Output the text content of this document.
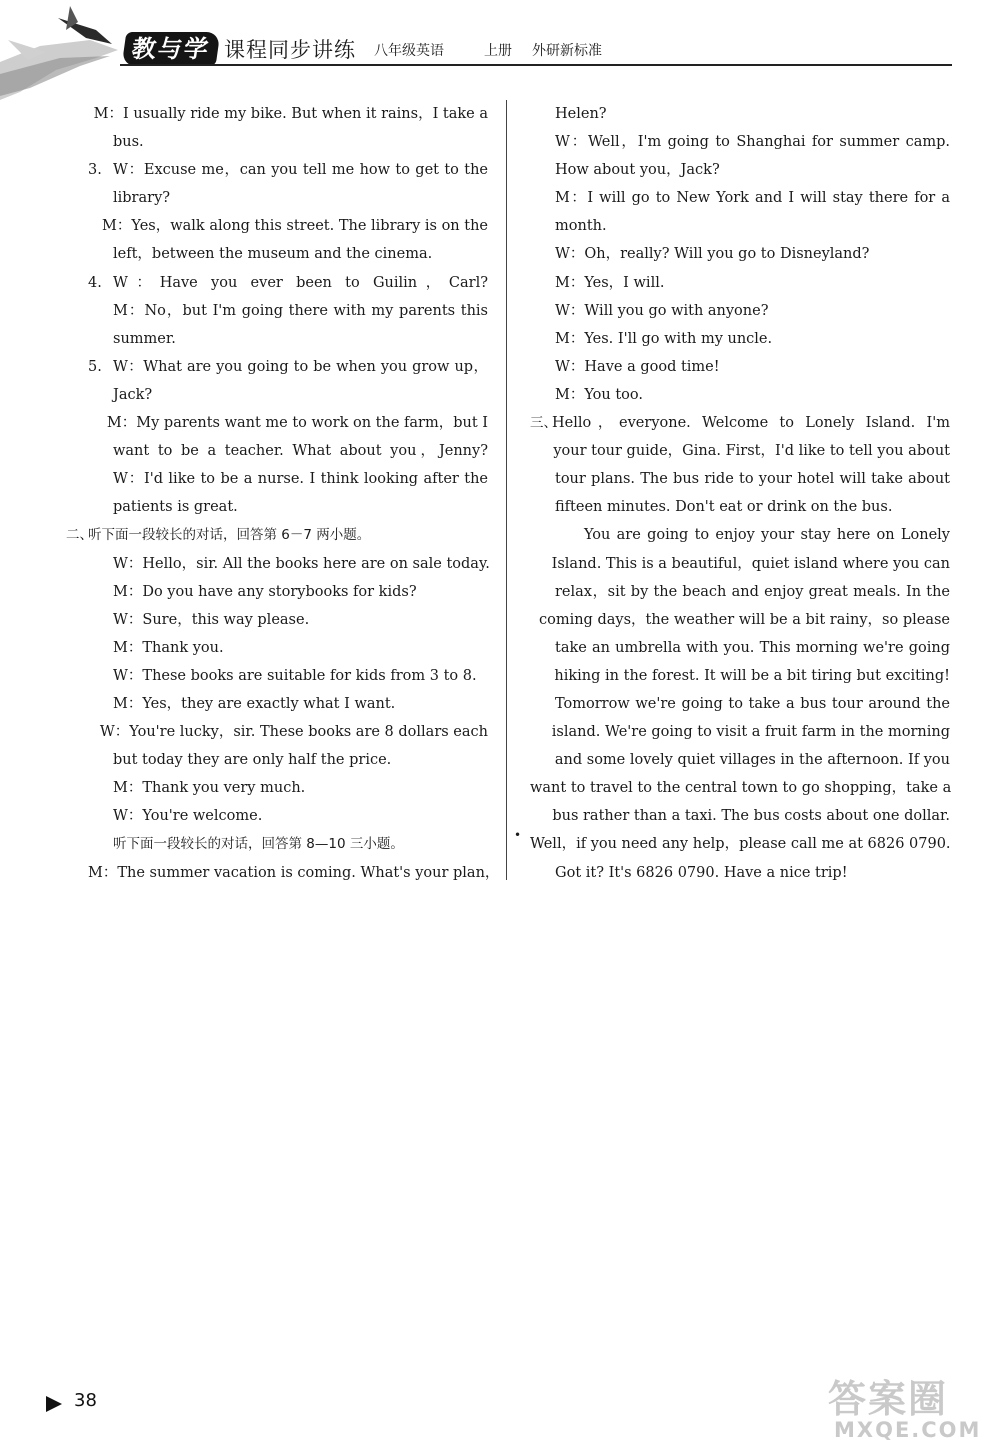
教与学 课程同步讲练 八年级英语	上册 外研新标准
M：I usually ride my bike. But when it rains，I take a
bus.
3. W：Excuse me，can you tell me how to get to the
library?
M：Yes，walk along this street. The library is on the
left，between the museum and the cinema.
4. W：Have you ever been to Guilin，Carl?
M：No，but I'm going there with my parents this
summer.
5. W：What are you going to be when you grow up，
Jack?
M：My parents want me to work on the farm，but I
want to be a teacher. What about you，Jenny?
W：I'd like to be a nurse. I think looking after the
patients is great.
二、听下面一段较长的对话，回答第 6－7 两小题。
W：Hello，sir. All the books here are on sale today.
M：Do you have any storybooks for kids?
W：Sure，this way please.
M：Thank you.
W：These books are suitable for kids from 3 to 8.
M：Yes，they are exactly what I want.
W：You're lucky，sir. These books are 8 dollars each
but today they are only half the price.
M：Thank you very much.
W：You're welcome.
听下面一段较长的对话，回答第 8—10 三小题。
M：The summer vacation is coming. What's your plan，
Helen?
W：Well，I'm going to Shanghai for summer camp.
How about you，Jack?
M：I will go to New York and I will stay there for a
month.
W：Oh，really? Will you go to Disneyland?
M：Yes，I will.
W：Will you go with anyone?
M：Yes. I'll go with my uncle.
W：Have a good time!
M：You too.
三、
Hello，everyone. Welcome to Lonely Island. I'm
your tour guide，Gina. First，I'd like to tell you about
tour plans. The bus ride to your hotel will take about
fifteen minutes. Don't eat or drink on the bus.
You are going to enjoy your stay here on Lonely
Island. This is a beautiful，quiet island where you can
relax，sit by the beach and enjoy great meals. In the
coming days，the weather will be a bit rainy，so please
take an umbrella with you. This morning we're going
hiking in the forest. It will be a bit tiring but exciting!
Tomorrow we're going to take a bus tour around the
island. We're going to visit a fruit farm in the morning
and some lovely quiet villages in the afternoon. If you
want to travel to the central town to go shopping，take a
bus rather than a taxi. The bus costs about one dollar.
Well，if you need any help，please call me at 6826 0790.
Got it? It's 6826 0790. Have a nice trip!
•
38	答案圈
MXQE.COM
